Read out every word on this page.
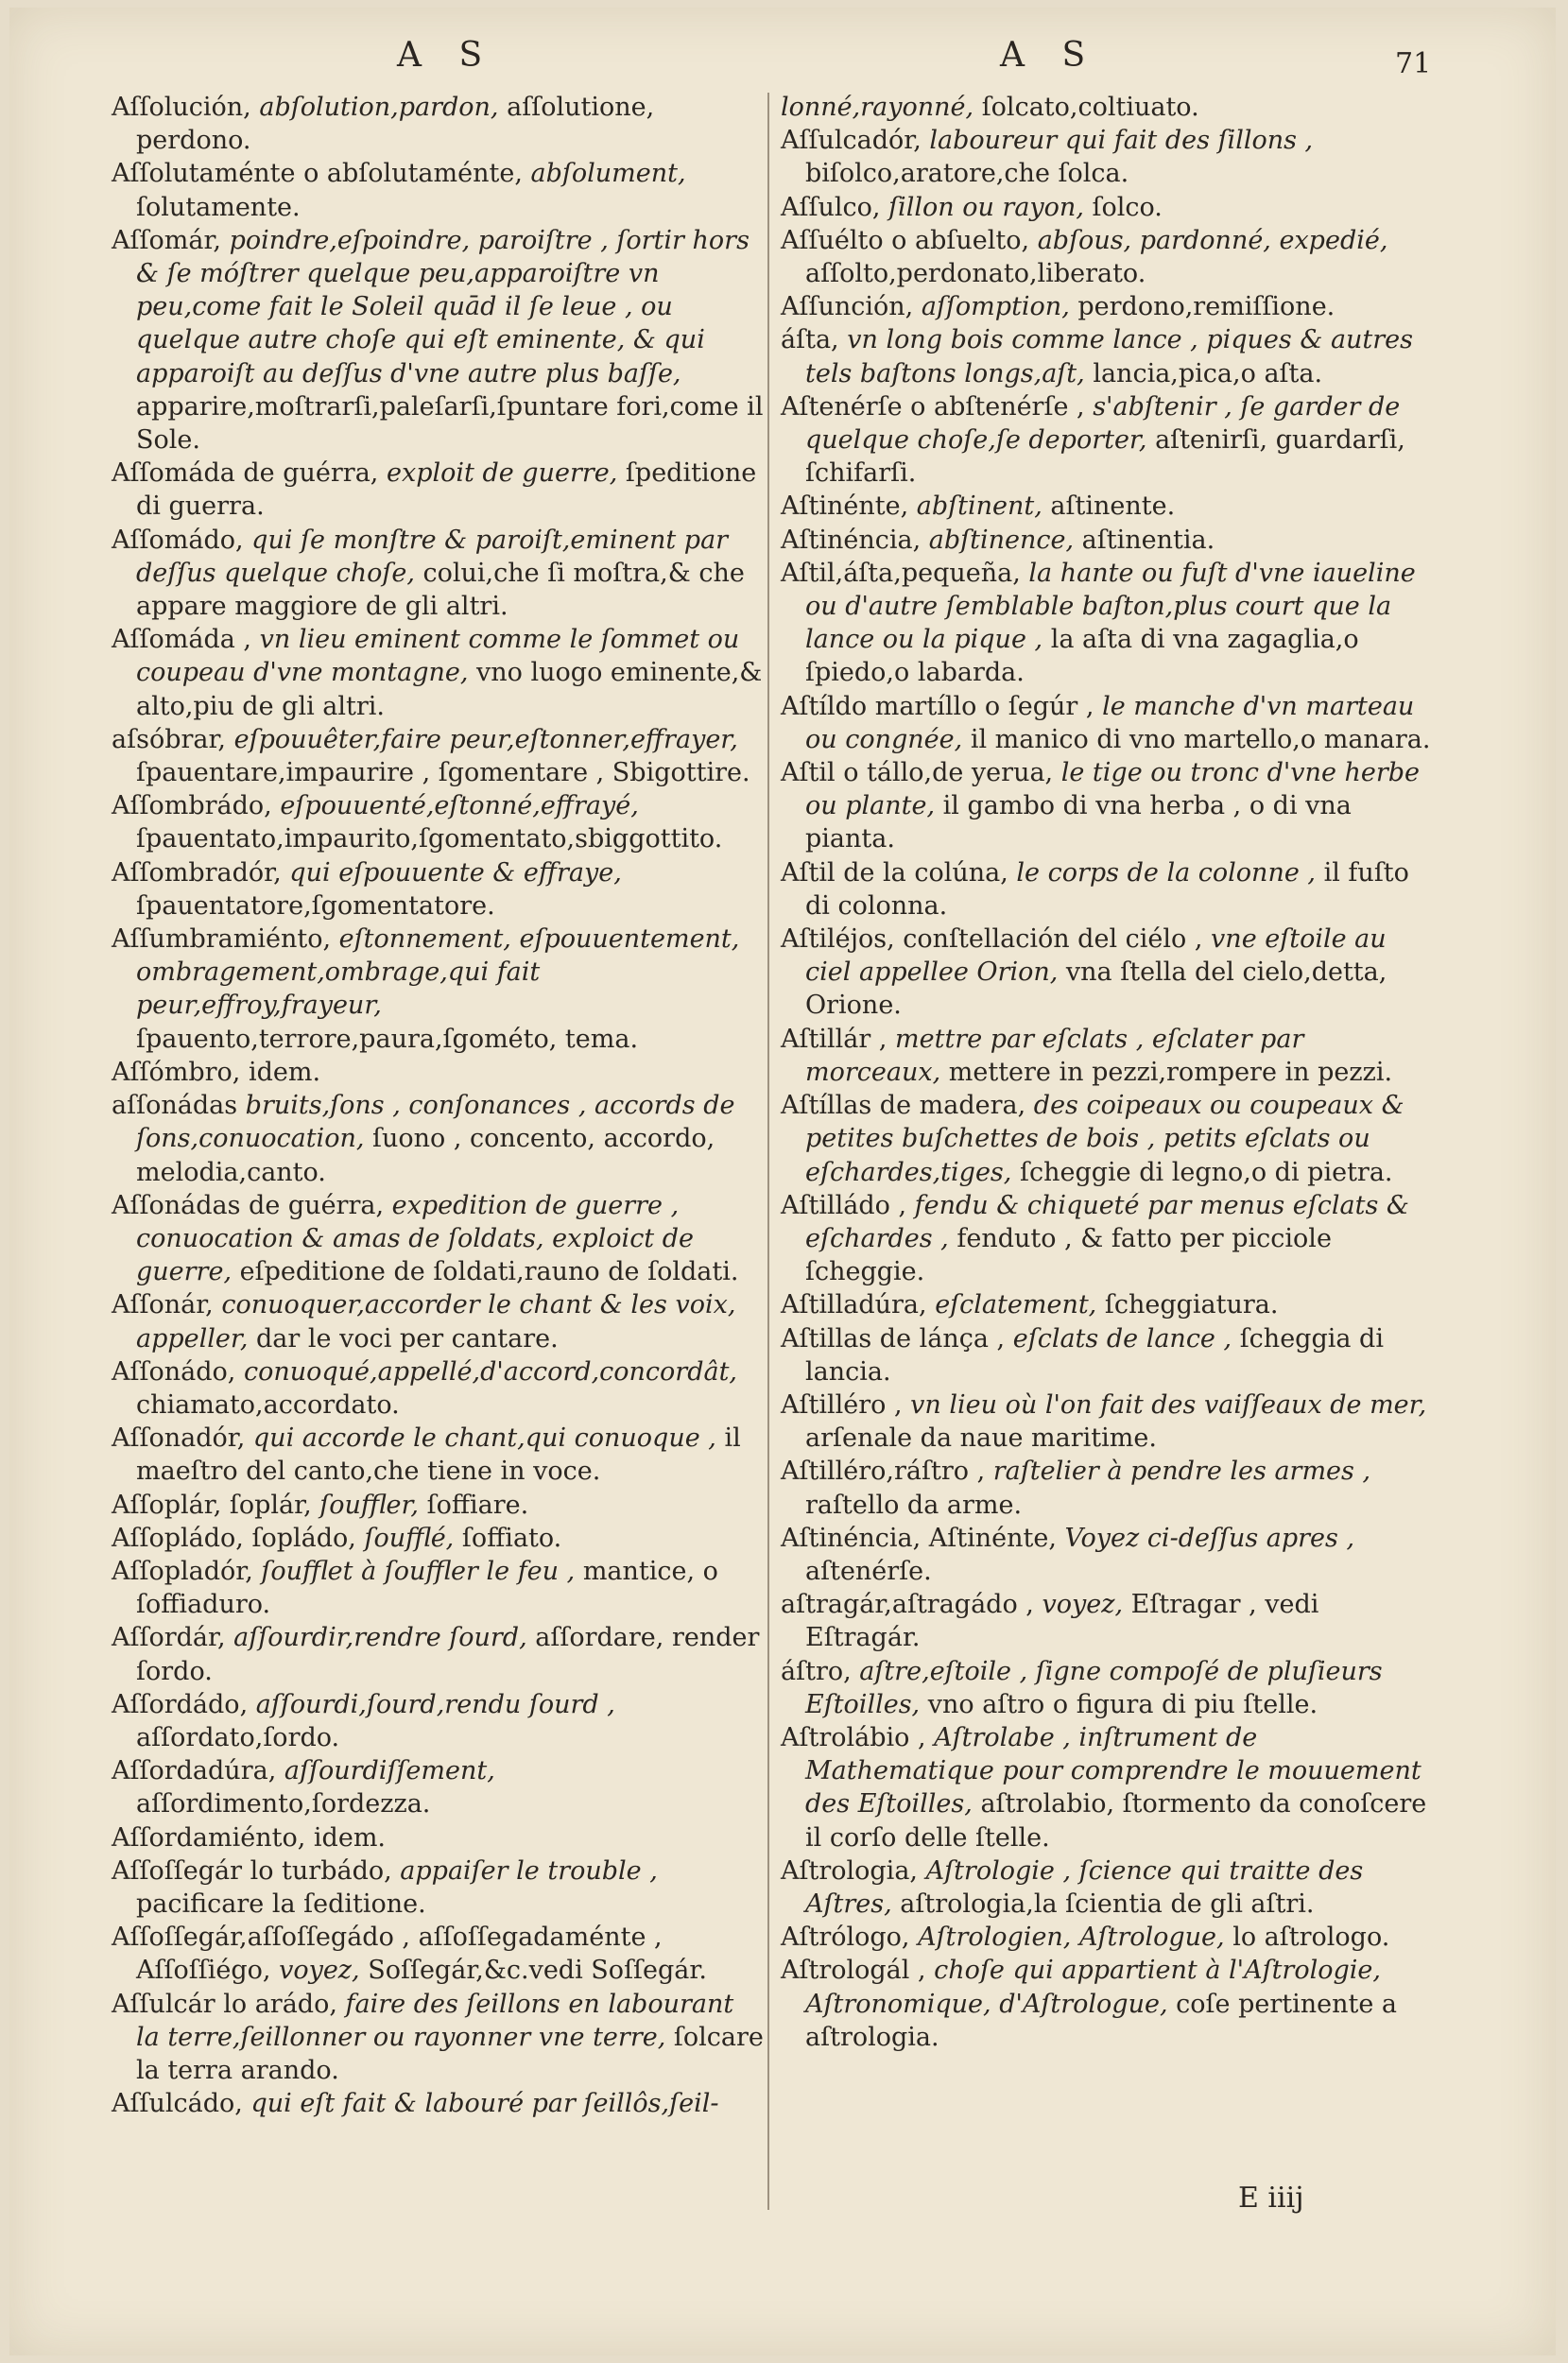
A S	A S	71

Aſſolución, abſolution,pardon, aſſolutione, perdono.

Aſſolutaménte o abſolutaménte, abſolument, ſolutamente.

Aſſomár, poindre,eſpoindre, paroiſtre , ſortir hors & ſe móſtrer quelque peu,apparoiſtre vn peu,come fait le Soleil quād il ſe leue , ou quelque autre choſe qui eſt eminente, & qui apparoiſt au deſſus d'vne autre plus baſſe, apparire,moſtrarſi,paleſarſi,ſpuntare fori,come il Sole.

Aſſomáda de guérra, exploit de guerre, ſpeditione di guerra.

Aſſomádo, qui ſe monſtre & paroiſt,eminent par deſſus quelque choſe, colui,che ſi moſtra,& che appare maggiore de gli altri.

Aſſomáda , vn lieu eminent comme le ſommet ou coupeau d'vne montagne, vno luogo eminente,& alto,piu de gli altri.

aſsóbrar, eſpouuêter,faire peur,eſtonner,effrayer, ſpauentare,impaurire , ſgomentare , Sbigottire.

Aſſombrádo, eſpouuenté,eſtonné,effrayé, ſpauentato,impaurito,ſgomentato,sbiggottito.

Aſſombradór, qui eſpouuente & effraye, ſpauentatore,ſgomentatore.

Aſſumbramiénto, eſtonnement, eſpouuentement, ombragement,ombrage,qui fait peur,effroy,frayeur, ſpauento,terrore,paura,ſgométo, tema.

Aſſómbro, idem.

aſſonádas bruits,ſons , conſonances , accords de ſons,conuocation, ſuono , concento, accordo, melodia,canto.

Aſſonádas de guérra, expedition de guerre , conuocation & amas de ſoldats, exploict de guerre, eſpeditione de ſoldati,rauno de ſoldati.

Aſſonár, conuoquer,accorder le chant & les voix, appeller, dar le voci per cantare.

Aſſonádo, conuoqué,appellé,d'accord,concordât, chiamato,accordato.

Aſſonadór, qui accorde le chant,qui conuoque , il maeſtro del canto,che tiene in voce.

Aſſoplár, ſoplár, ſouffler, ſoffiare.

Aſſopládo, ſopládo, ſoufflé, ſoffiato.

Aſſopladór, ſoufflet à ſouffler le feu , mantice, o ſoffiaduro.

Aſſordár, aſſourdir,rendre ſourd, aſſordare, render ſordo.

Aſſordádo, aſſourdi,ſourd,rendu ſourd , aſſordato,ſordo.

Aſſordadúra, aſſourdiſſement, aſſordimento,ſordezza.

Aſſordamiénto, idem.

Aſſoſſegár lo turbádo, appaiſer le trouble , pacificare la ſeditione.

Aſſoſſegár,aſſoſſegádo , aſſoſſegadaménte , Aſſoſſiégo, voyez, Soſſegár,&c.vedi Soſſegár.

Aſſulcár lo arádo, faire des ſeillons en labourant la terre,ſeillonner ou rayonner vne terre, ſolcare la terra arando.

Aſſulcádo, qui eſt fait & labouré par ſeillôs,ſeil-

lonné,rayonné, ſolcato,coltiuato.

Aſſulcadór, laboureur qui fait des ſillons , biſolco,aratore,che ſolca.

Aſſulco, ſillon ou rayon, ſolco.

Aſſuélto o abſuelto, abſous, pardonné, expedié, aſſolto,perdonato,liberato.

Aſſunción, aſſomption, perdono,remiſſione.

áſta, vn long bois comme lance , piques & autres tels baſtons longs,aſt, lancia,pica,o aſta.

Aſtenérſe o abſtenérſe , s'abſtenir , ſe garder de quelque choſe,ſe deporter, aſtenirſi, guardarſi, ſchifarſi.

Aſtinénte, abſtinent, aſtinente.

Aſtinéncia, abſtinence, aſtinentia.

Aſtil,áſta,pequeña, la hante ou fuſt d'vne iaueline ou d'autre ſemblable baſton,plus court que la lance ou la pique , la aſta di vna zagaglia,o ſpiedo,o labarda.

Aſtíldo martíllo o ſegúr , le manche d'vn marteau ou congnée, il manico di vno martello,o manara.

Aſtil o tállo,de yerua, le tige ou tronc d'vne herbe ou plante, il gambo di vna herba , o di vna pianta.

Aſtil de la colúna, le corps de la colonne , il fuſto di colonna.

Aſtiléjos, conſtellación del ciélo , vne eſtoile au ciel appellee Orion, vna ſtella del cielo,detta, Orione.

Aſtillár , mettre par eſclats , eſclater par morceaux, mettere in pezzi,rompere in pezzi.

Aſtíllas de madera, des coipeaux ou coupeaux & petites buſchettes de bois , petits eſclats ou eſchardes,tiges, ſcheggie di legno,o di pietra.

Aſtilládo , fendu & chiqueté par menus eſclats & eſchardes , fenduto , & fatto per picciole ſcheggie.

Aſtilladúra, eſclatement, ſcheggiatura.

Aſtillas de lánça , eſclats de lance , ſcheggia di lancia.

Aſtilléro , vn lieu où l'on fait des vaiſſeaux de mer, arſenale da naue maritime.

Aſtilléro,ráſtro , raſtelier à pendre les armes , raſtello da arme.

Aſtinéncia, Aſtinénte, Voyez ci-deſſus apres , aſtenérſe.

aſtragár,aſtragádo , voyez, Eſtragar , vedi Eſtragár.

áſtro, aſtre,eſtoile , ſigne compoſé de pluſieurs Eſtoilles, vno aſtro o figura di piu ſtelle.

Aſtrolábio , Aſtrolabe , inſtrument de Mathematique pour comprendre le mouuement des Eſtoilles, aſtrolabio, ſtormento da conoſcere il corſo delle ſtelle.

Aſtrologia, Aſtrologie , ſcience qui traitte des Aſtres, aſtrologia,la ſcientia de gli aſtri.

Aſtrólogo, Aſtrologien, Aſtrologue, lo aſtrologo.

Aſtrologál , choſe qui appartient à l'Aſtrologie, Aſtronomique, d'Aſtrologue, coſe pertinente a aſtrologia.

E iiij
